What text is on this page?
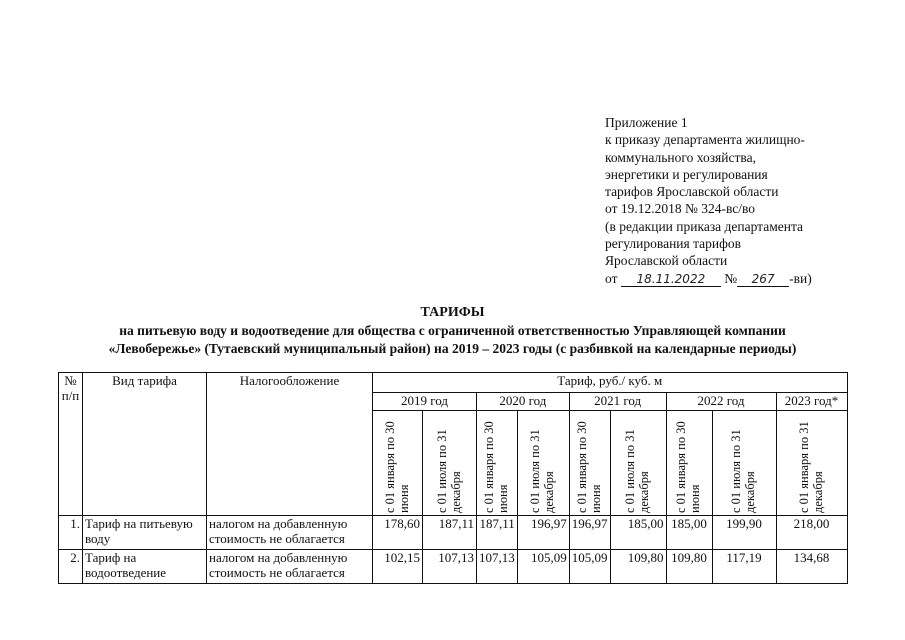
Приложение 1
к приказу департамента жилищно-
коммунального хозяйства,
энергетики и регулирования
тарифов Ярославской области
от 19.12.2018 № 324-вс/во
(в редакции приказа департамента
регулирования тарифов
Ярославской области
от 18.11.2022 № 267 -ви)
ТАРИФЫ
на питьевую воду и водоотведение для общества с ограниченной ответственностью Управляющей компании
«Левобережье» (Тутаевский муниципальный район) на 2019 – 2023 годы (с разбивкой на календарные периоды)
№ п/п	Вид тарифа	Налогообложение	Тариф, руб./ куб. м								
			2019 год		2020 год		2021 год		2022 год		2023 год*

			с 01 января по 30 июня	с 01 июля по 31 декабря	с 01 января по 30 июня	с 01 июля по 31 декабря	с 01 января по 30 июня	с 01 июля по 31 декабря	с 01 января по 30 июня	с 01 июля по 31 декабря	с 01 января по 31 декабря

1.	Тариф на питьевую воду	налогом на добавленную стоимость не облагается	178,60	187,11	187,11	196,97	196,97	185,00	185,00	199,90	218,00
2.	Тариф на водоотведение	налогом на добавленную стоимость не облагается	102,15	107,13	107,13	105,09	105,09	109,80	109,80	117,19	134,68
